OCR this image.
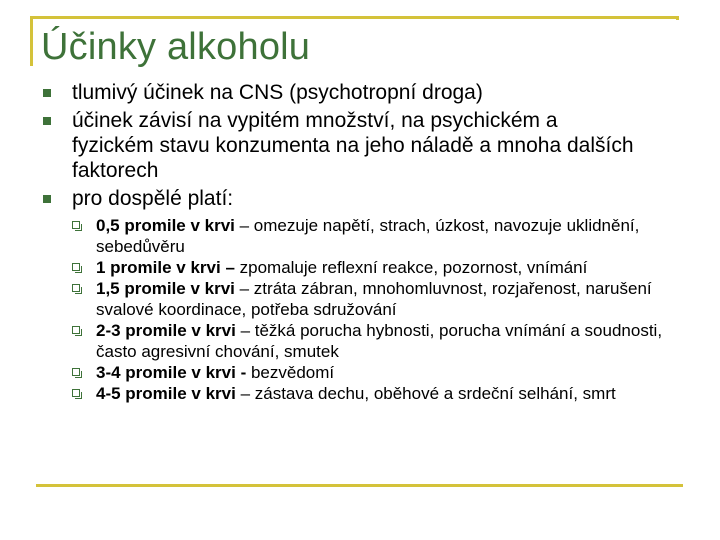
Účinky alkoholu
tlumivý účinek na CNS (psychotropní droga)
účinek závisí na vypitém množství, na psychickém a fyzickém stavu konzumenta na jeho náladě a mnoha dalších faktorech
pro dospělé platí:
0,5 promile v krvi – omezuje napětí, strach, úzkost, navozuje uklidnění, sebedůvěru
1 promile v krvi – zpomaluje reflexní reakce, pozornost, vnímání
1,5 promile v krvi – ztráta zábran, mnohomluvnost, rozjařenost, narušení svalové koordinace, potřeba sdružování
2-3 promile v krvi – těžká porucha hybnosti, porucha vnímání a soudnosti, často agresivní chování, smutek
3-4 promile v krvi - bezvědomí
4-5 promile v krvi – zástava dechu, oběhové a srdeční selhání, smrt
